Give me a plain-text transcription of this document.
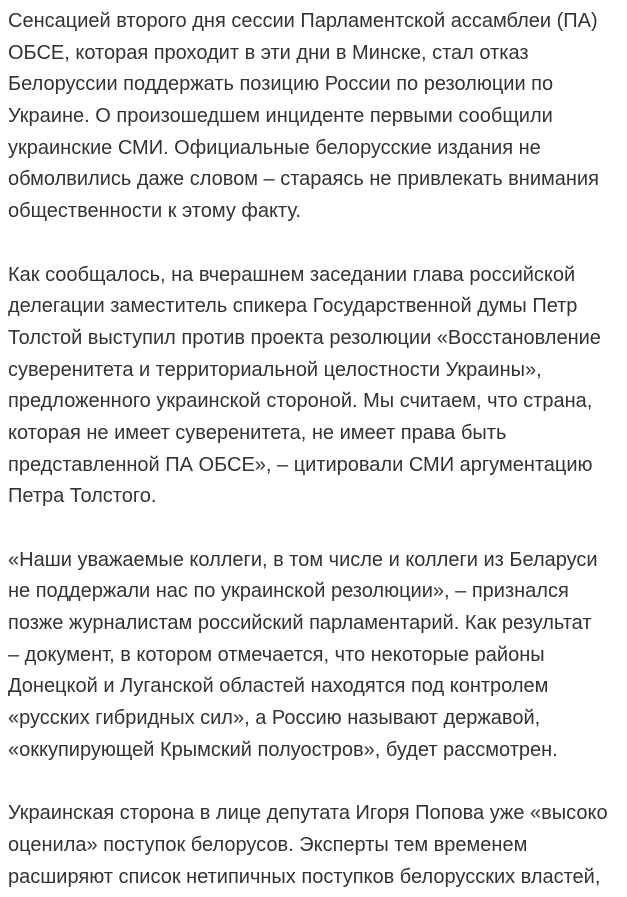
Сенсацией второго дня сессии Парламентской ассамблеи (ПА)
ОБСЕ, которая проходит в эти дни в Минске, стал отказ
Белоруссии поддержать позицию России по резолюции по
Украине. О произошедшем инциденте первыми сообщили
украинские СМИ. Официальные белорусские издания не
обмолвились даже словом – стараясь не привлекать внимания
общественности к этому факту.

Как сообщалось, на вчерашнем заседании глава российской
делегации заместитель спикера Государственной думы Петр
Толстой выступил против проекта резолюции «Восстановление
суверенитета и территориальной целостности Украины»,
предложенного украинской стороной. Мы считаем, что страна,
которая не имеет суверенитета, не имеет права быть
представленной ПА ОБСЕ», – цитировали СМИ аргументацию
Петра Толстого.

«Наши уважаемые коллеги, в том числе и коллеги из Беларуси
не поддержали нас по украинской резолюции», – признался
позже журналистам российский парламентарий. Как результат
– документ, в котором отмечается, что некоторые районы
Донецкой и Луганской областей находятся под контролем
«русских гибридных сил», а Россию называют державой,
«оккупирующей Крымский полуостров», будет рассмотрен.

Украинская сторона в лице депутата Игоря Попова уже «высоко
оценила» поступок белорусов. Эксперты тем временем
расширяют список нетипичных поступков белорусских властей,
